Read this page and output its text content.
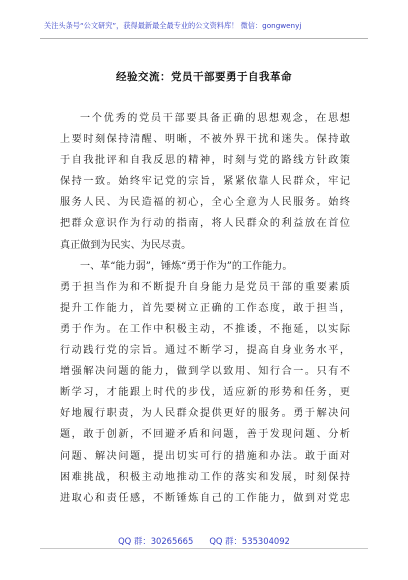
关注头条号“公文研究”，获得最新最全最专业的公文资料库！ 微信：gongwenyj
经验交流：党员干部要勇于自我革命
一个优秀的党员干部要具备正确的思想观念，在思想
上要时刻保持清醒、明晰，不被外界干扰和迷失。保持敢
于自我批评和自我反思的精神，时刻与党的路线方针政策
保持一致。始终牢记党的宗旨，紧紧依靠人民群众，牢记
服务人民、为民造福的初心，全心全意为人民服务。始终
把群众意识作为行动的指南，将人民群众的利益放在首位
真正做到为民实、为民尽责。
一、革“能力弱”，锤炼“勇于作为”的工作能力。
勇于担当作为和不断提升自身能力是党员干部的重要素质
提升工作能力，首先要树立正确的工作态度，敢于担当，
勇于作为。在工作中积极主动，不推诿，不拖延，以实际
行动践行党的宗旨。通过不断学习，提高自身业务水平，
增强解决问题的能力，做到学以致用、知行合一。只有不
断学习，才能跟上时代的步伐，适应新的形势和任务，更
好地履行职责，为人民群众提供更好的服务。勇于解决问
题，敢于创新，不回避矛盾和问题，善于发现问题、分析
问题、解决问题，提出切实可行的措施和办法。敢于面对
困难挑战，积极主动地推动工作的落实和发展，时刻保持
进取心和责任感，不断锤炼自己的工作能力，做到对党忠
QQ 群：30265665 QQ 群：535304092
